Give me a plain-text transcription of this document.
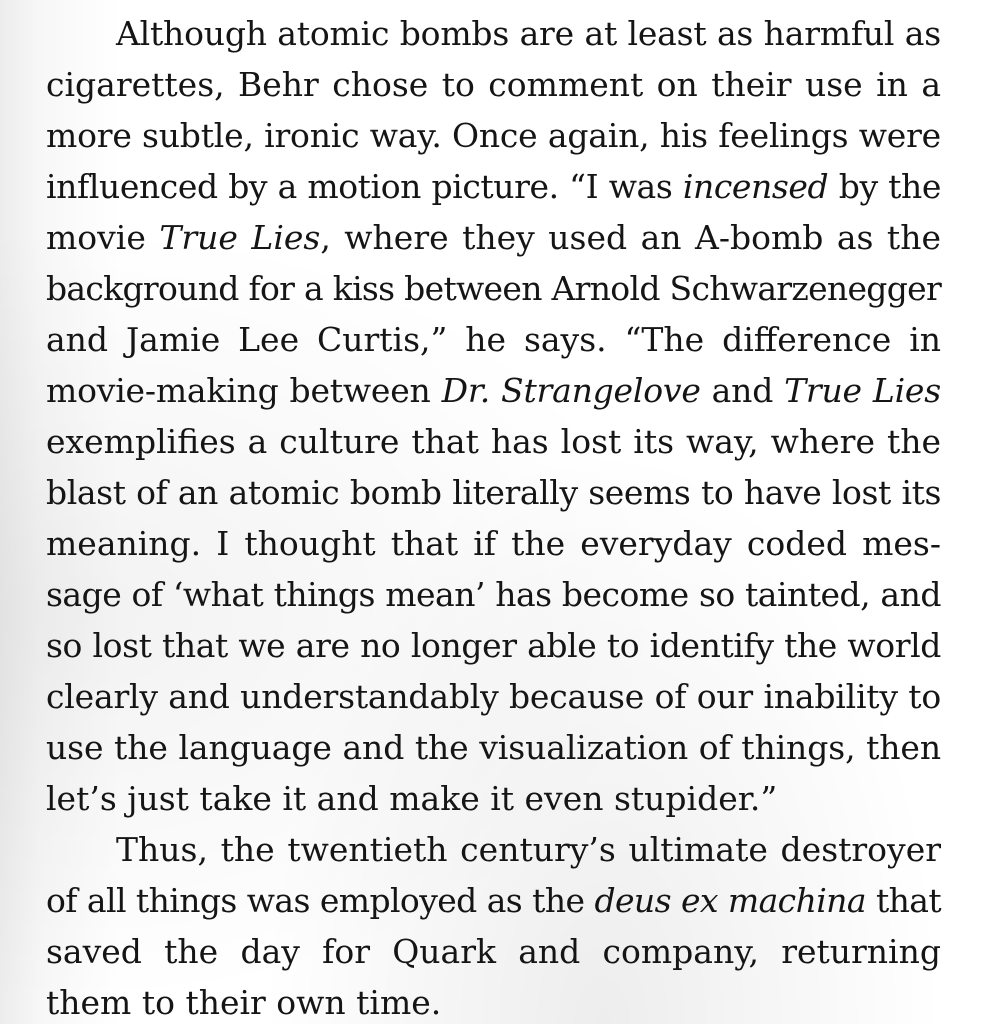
Although atomic bombs are at least as harmful as
cigarettes, Behr chose to comment on their use in a
more subtle, ironic way. Once again, his feelings were
influenced by a motion picture. “I was incensed by the
movie True Lies, where they used an A-bomb as the
background for a kiss between Arnold Schwarzenegger
and Jamie Lee Curtis,” he says. “The difference in
movie-making between Dr. Strangelove and True Lies
exemplifies a culture that has lost its way, where the
blast of an atomic bomb literally seems to have lost its
meaning. I thought that if the everyday coded mes-
sage of ‘what things mean’ has become so tainted, and
so lost that we are no longer able to identify the world
clearly and understandably because of our inability to
use the language and the visualization of things, then
let’s just take it and make it even stupider.”
Thus, the twentieth century’s ultimate destroyer
of all things was employed as the deus ex machina that
saved the day for Quark and company, returning
them to their own time.
